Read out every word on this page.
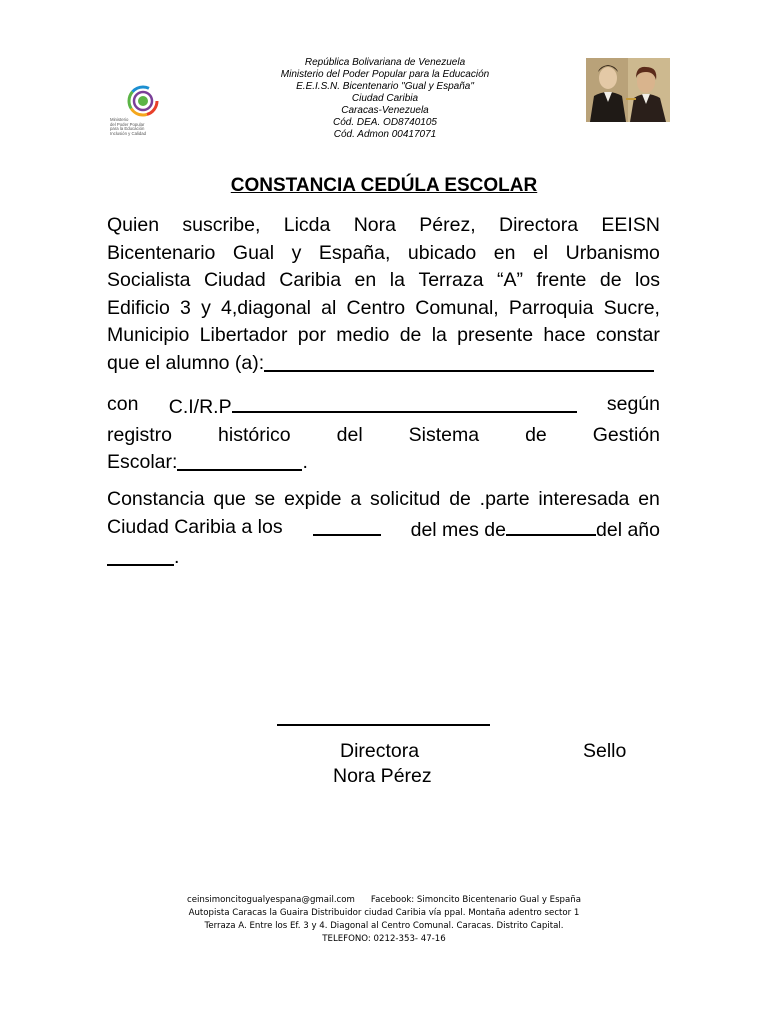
Ministerio
del Poder Popular
para la Educación
Inclusión y Calidad
República Bolivariana de Venezuela
Ministerio del Poder Popular para la Educación
E.E.I.S.N. Bicentenario "Gual y España"
Ciudad Caribia
Caracas-Venezuela
Cód. DEA. OD8740105
Cód. Admon 00417071
CONSTANCIA CEDÚLA ESCOLAR
Quien suscribe, Licda Nora Pérez, Directora EEISN
Bicentenario Gual y España, ubicado en el Urbanismo
Socialista Ciudad Caribia en la Terraza “A” frente de los
Edificio 3 y 4,diagonal al Centro Comunal, Parroquia Sucre,
Municipio Libertador por medio de la presente hace constar
que el alumno (a):
con C.I/R.P	según
registro histórico del Sistema de Gestión
Escolar:	.
Constancia que se expide a solicitud de .parte interesada en
Ciudad Caribia a los	del mes de	del año
.
Directora
Nora Pérez
Sello
ceinsimoncitogualyespana@gmail.com Facebook: Simoncito Bicentenario Gual y España
Autopista Caracas la Guaira Distribuidor ciudad Caribia vía ppal. Montaña adentro sector 1
Terraza A. Entre los Ef. 3 y 4. Diagonal al Centro Comunal. Caracas. Distrito Capital.
TELEFONO: 0212-353- 47-16
